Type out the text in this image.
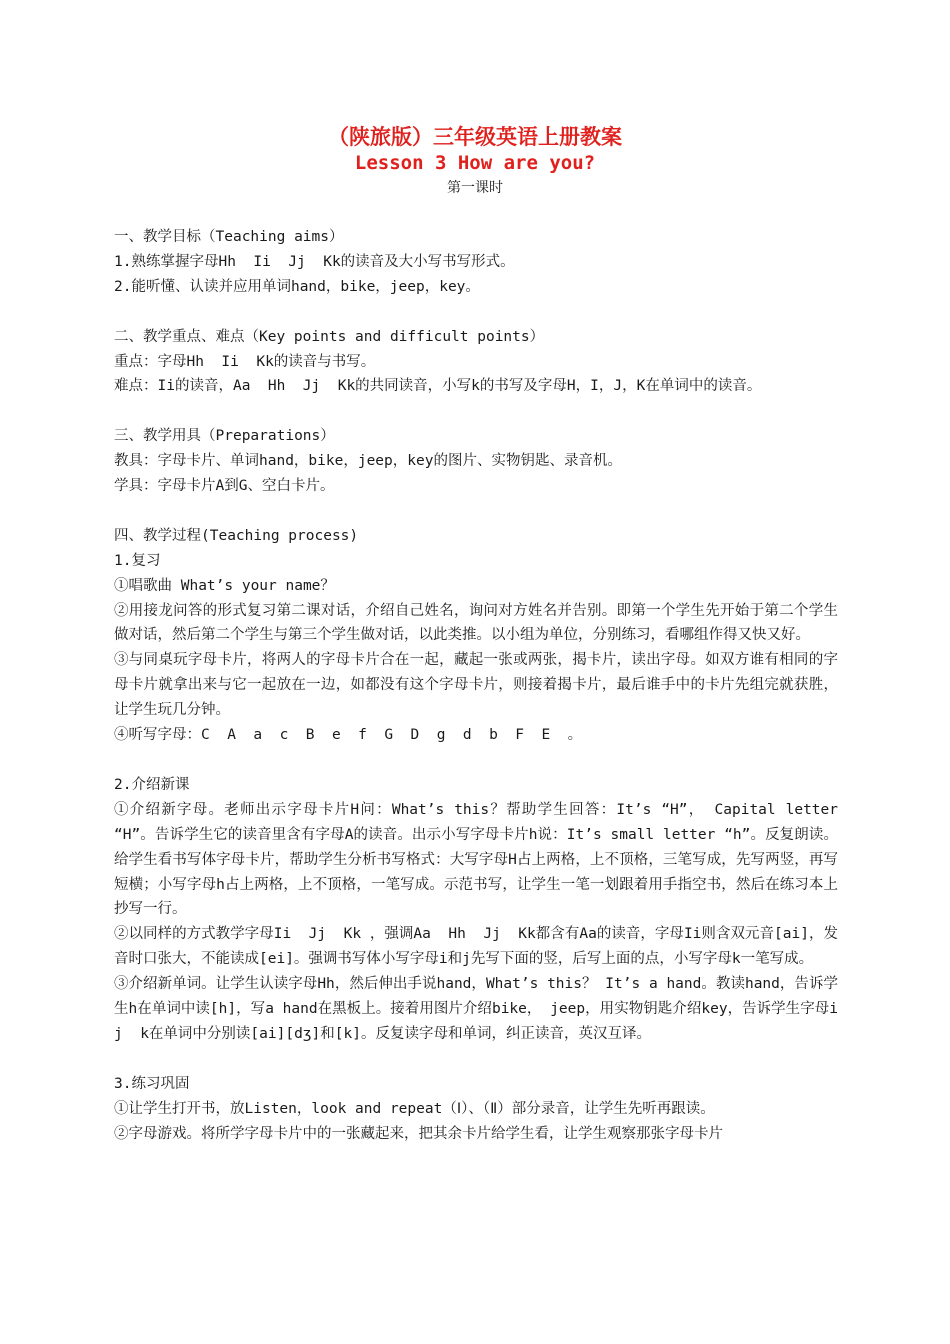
（陕旅版）三年级英语上册教案
Lesson 3 How are you?
第一课时
一、教学目标（Teaching aims）
1.熟练掌握字母Hh  Ii  Jj  Kk的读音及大小写书写形式。
2.能听懂、认读并应用单词hand，bike，jeep，key。
二、教学重点、难点（Key points and difficult points）
重点：字母Hh  Ii  Kk的读音与书写。
难点：Ii的读音，Aa  Hh  Jj  Kk的共同读音，小写k的书写及字母H，I，J，K在单词中的读音。
三、教学用具（Preparations）
教具：字母卡片、单词hand，bike，jeep，key的图片、实物钥匙、录音机。
学具：字母卡片A到G、空白卡片。
四、教学过程(Teaching process)
1.复习
①唱歌曲 What’s your name？
②用接龙问答的形式复习第二课对话，介绍自己姓名，询问对方姓名并告别。即第一个学生先开始于第二个学生做对话，然后第二个学生与第三个学生做对话，以此类推。以小组为单位，分别练习，看哪组作得又快又好。
③与同桌玩字母卡片，将两人的字母卡片合在一起，藏起一张或两张，揭卡片，读出字母。如双方谁有相同的字母卡片就拿出来与它一起放在一边，如都没有这个字母卡片，则接着揭卡片，最后谁手中的卡片先组完就获胜，让学生玩几分钟。
④听写字母：C  A  a  c  B  e  f  G  D  g  d  b  F  E  。
2.介绍新课
①介绍新字母。老师出示字母卡片H问：What’s this？帮助学生回答：It’s “H”， Capital letter “H”。告诉学生它的读音里含有字母A的读音。出示小写字母卡片h说：It’s small letter “h”。反复朗读。给学生看书写体字母卡片，帮助学生分析书写格式：大写字母H占上两格，上不顶格，三笔写成，先写两竖，再写短横；小写字母h占上两格，上不顶格，一笔写成。示范书写，让学生一笔一划跟着用手指空书，然后在练习本上抄写一行。
②以同样的方式教学字母Ii  Jj  Kk ，强调Aa  Hh  Jj  Kk都含有Aa的读音，字母Ii则含双元音[ai]，发音时口张大，不能读成[ei]。强调书写体小写字母i和j先写下面的竖，后写上面的点，小写字母k一笔写成。
③介绍新单词。让学生认读字母Hh，然后伸出手说hand，What’s this？ It’s a hand。教读hand，告诉学生h在单词中读[h]，写a hand在黑板上。接着用图片介绍bike， jeep，用实物钥匙介绍key，告诉学生字母i  j  k在单词中分别读[ai][dʒ]和[k]。反复读字母和单词，纠正读音，英汉互译。
3.练习巩固
①让学生打开书，放Listen，look and repeat（Ⅰ）、（Ⅱ）部分录音，让学生先听再跟读。
②字母游戏。将所学字母卡片中的一张藏起来，把其余卡片给学生看，让学生观察那张字母卡片
